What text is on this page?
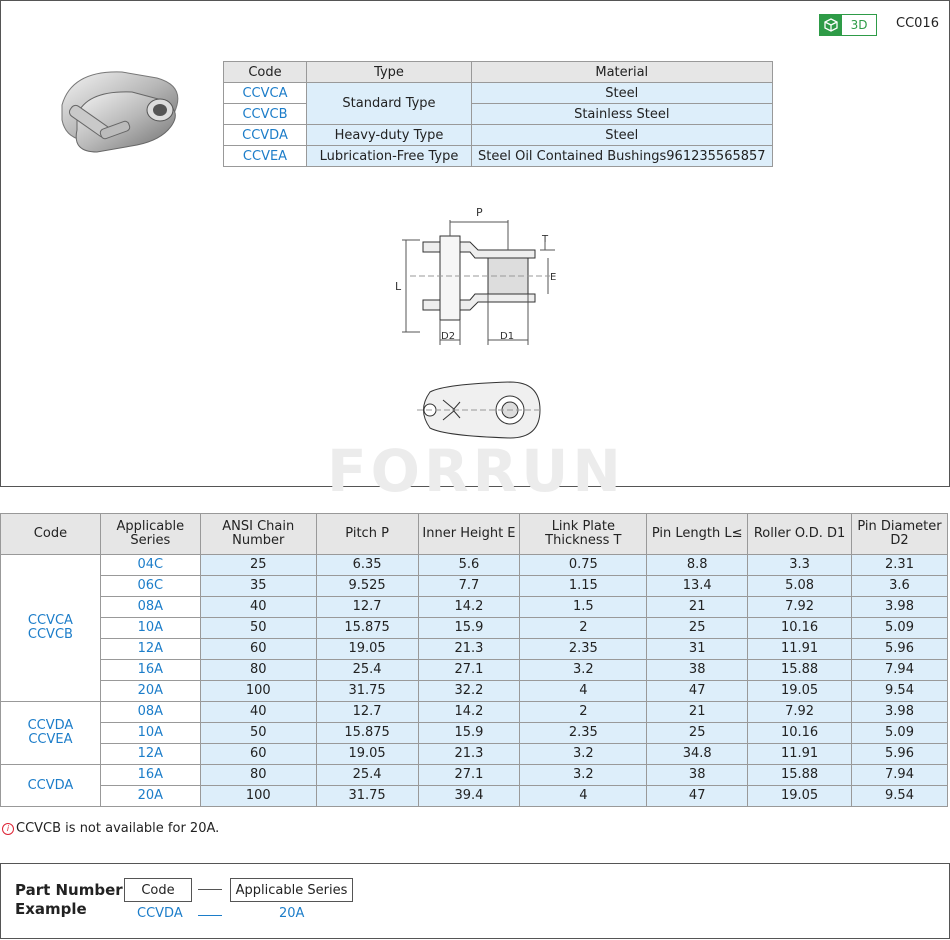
3D	CC016
Code	Type	Material
CCVCA	Standard Type	Steel
CCVCB		Stainless Steel
CCVDA	Heavy-duty Type	Steel
CCVEA	Lubrication-Free Type	Steel Oil Contained Bushings961235565857
P
T
E
L
D2	D1
FORRUN
Code	Applicable Series	ANSI Chain Number	Pitch P	Inner Height E	Link Plate Thickness T	Pin Length L≤	Roller O.D. D1	Pin Diameter D2

CCVCA
CCVCB	04C	25	6.35	5.6	0.75	8.8	3.3	2.31
	06C	35	9.525	7.7	1.15	13.4	5.08	3.6
	08A	40	12.7	14.2	1.5	21	7.92	3.98
	10A	50	15.875	15.9	2	25	10.16	5.09
	12A	60	19.05	21.3	2.35	31	11.91	5.96
	16A	80	25.4	27.1	3.2	38	15.88	7.94
	20A	100	31.75	32.2	4	47	19.05	9.54

CCVDA
CCVEA	08A	40	12.7	14.2	2	21	7.92	3.98
	10A	50	15.875	15.9	2.35	25	10.16	5.09
	12A	60	19.05	21.3	3.2	34.8	11.91	5.96

CCVDA	16A	80	25.4	27.1	3.2	38	15.88	7.94
	20A	100	31.75	39.4	4	47	19.05	9.54
i CCVCB is not available for 20A.
Part Number Example
Code	Applicable Series
CCVDA	20A
